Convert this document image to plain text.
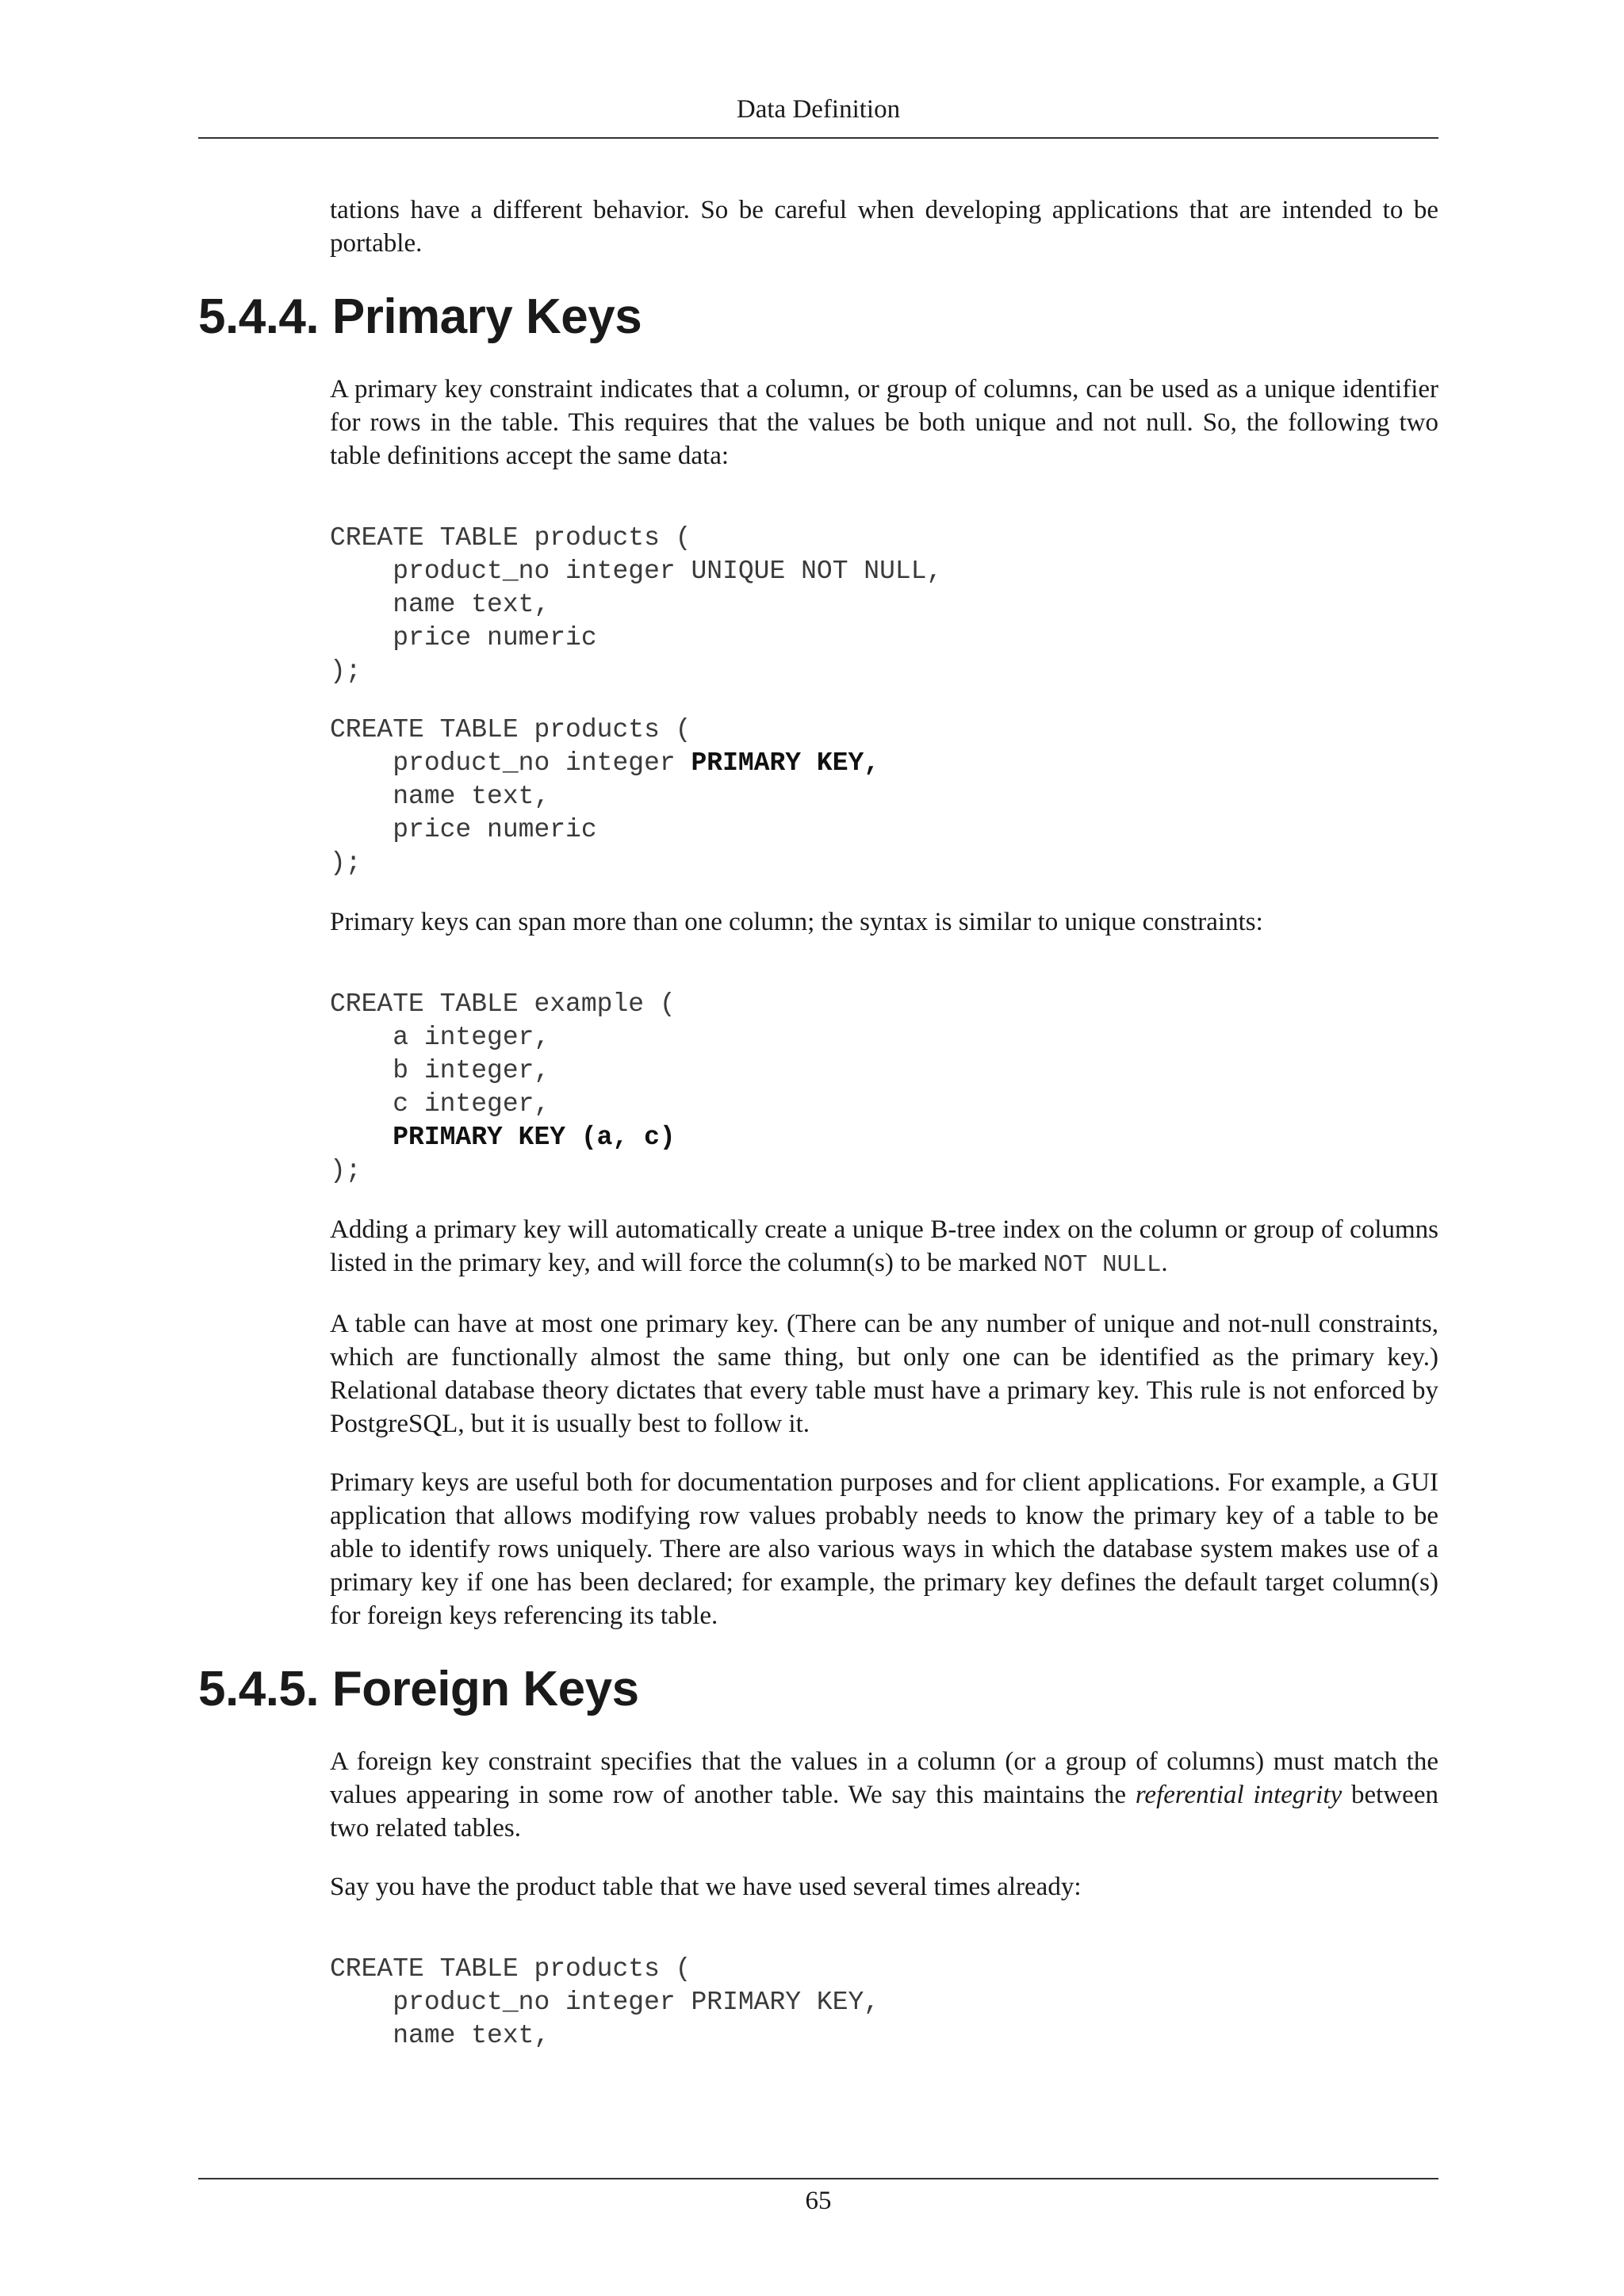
Data Definition

tations have a different behavior. So be careful when developing applications that are intended to be portable.

5.4.4. Primary Keys

A primary key constraint indicates that a column, or group of columns, can be used as a unique identifier for rows in the table. This requires that the values be both unique and not null. So, the following two table definitions accept the same data:

CREATE TABLE products (
product_no integer UNIQUE NOT NULL,
name text,
price numeric
);
CREATE TABLE products (
product_no integer PRIMARY KEY,
name text,
price numeric
);

Primary keys can span more than one column; the syntax is similar to unique constraints:

CREATE TABLE example (
a integer,
b integer,
c integer,
PRIMARY KEY (a, c)
);

Adding a primary key will automatically create a unique B-tree index on the column or group of columns listed in the primary key, and will force the column(s) to be marked NOT NULL.

A table can have at most one primary key. (There can be any number of unique and not-null constraints, which are functionally almost the same thing, but only one can be identified as the primary key.) Relational database theory dictates that every table must have a primary key. This rule is not enforced by PostgreSQL, but it is usually best to follow it.

Primary keys are useful both for documentation purposes and for client applications. For example, a GUI application that allows modifying row values probably needs to know the primary key of a table to be able to identify rows uniquely. There are also various ways in which the database system makes use of a primary key if one has been declared; for example, the primary key defines the default target column(s) for foreign keys referencing its table.

5.4.5. Foreign Keys

A foreign key constraint specifies that the values in a column (or a group of columns) must match the values appearing in some row of another table. We say this maintains the referential integrity between two related tables.

Say you have the product table that we have used several times already:

CREATE TABLE products (
product_no integer PRIMARY KEY,
name text,
65
